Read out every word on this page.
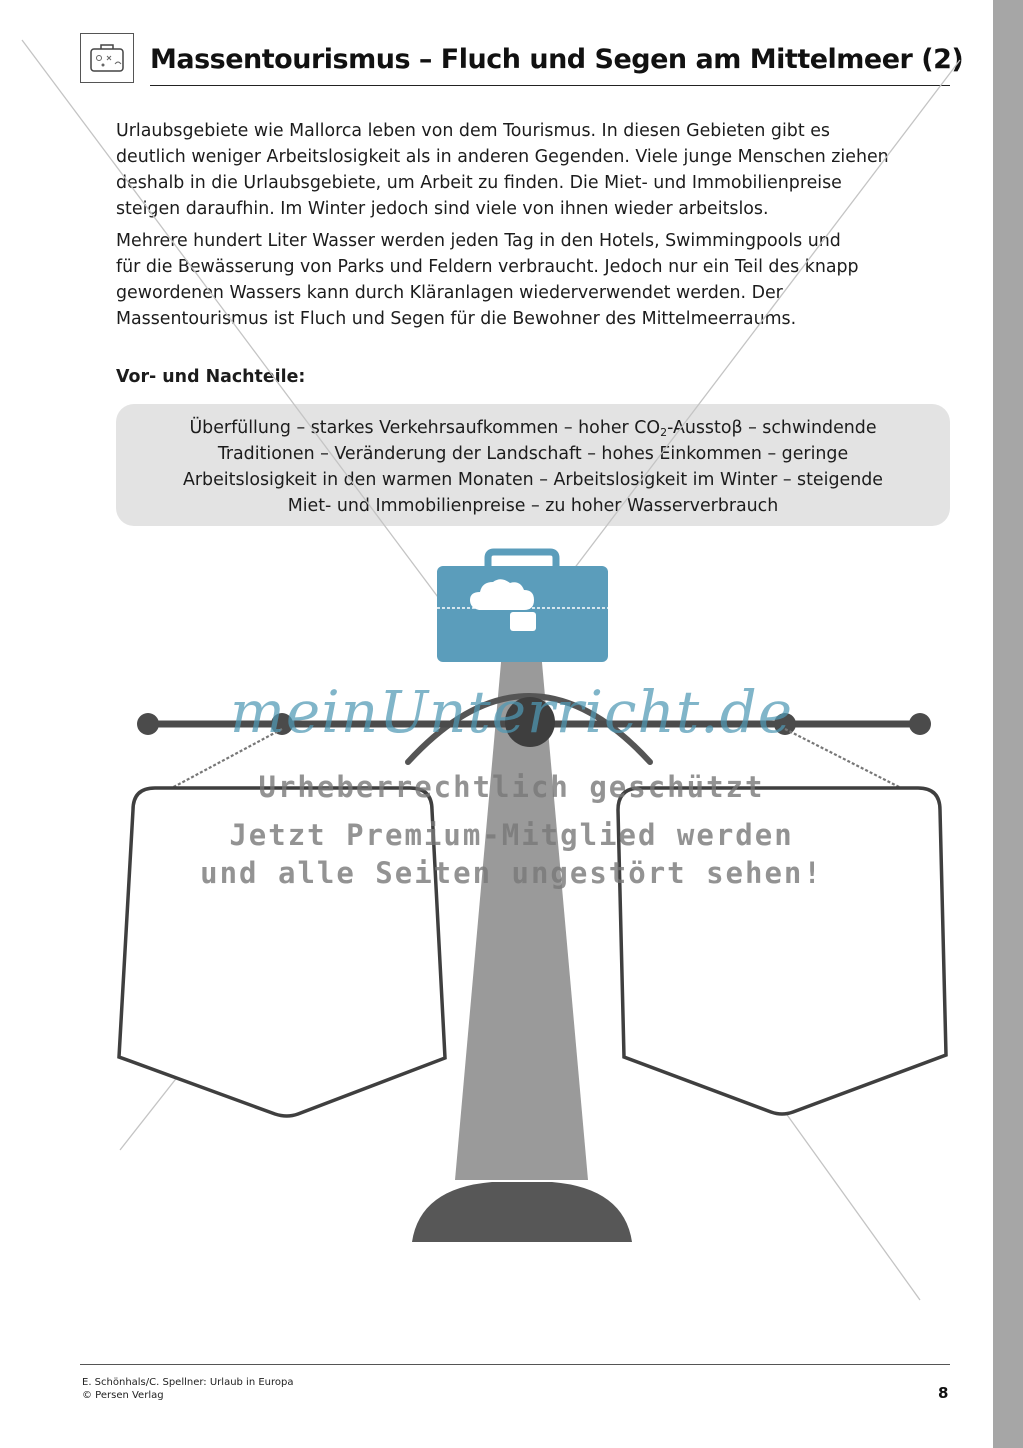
Massentourismus – Fluch und Segen am Mittelmeer (2)

Urlaubsgebiete wie Mallorca leben von dem Tourismus. In diesen Gebieten gibt es
deutlich weniger Arbeitslosigkeit als in anderen Gegenden. Viele junge Menschen ziehen
deshalb in die Urlaubsgebiete, um Arbeit zu finden. Die Miet- und Immobilienpreise
steigen daraufhin. Im Winter jedoch sind viele von ihnen wieder arbeitslos.

Mehrere hundert Liter Wasser werden jeden Tag in den Hotels, Swimmingpools und
für die Bewässerung von Parks und Feldern verbraucht. Jedoch nur ein Teil des knapp
gewordenen Wassers kann durch Kläranlagen wiederverwendet werden. Der
Massentourismus ist Fluch und Segen für die Bewohner des Mittelmeerraums.

Vor- und Nachteile:
Überfüllung – starkes Verkehrsaufkommen – hoher $CO_2$-Ausstoβ – schwindende
Traditionen – Veränderung der Landschaft – hohes Einkommen – geringe
Arbeitslosigkeit in den warmen Monaten – Arbeitslosigkeit im Winter – steigende
Miet- und Immobilienpreise – zu hoher Wasserverbrauch
meinUnterricht.de
Urheberrechtlich geschützt
Jetzt Premium-Mitglied werden
und alle Seiten ungestört sehen!
E. Schönhals/C. Spellner: Urlaub in Europa
© Persen Verlag	8
